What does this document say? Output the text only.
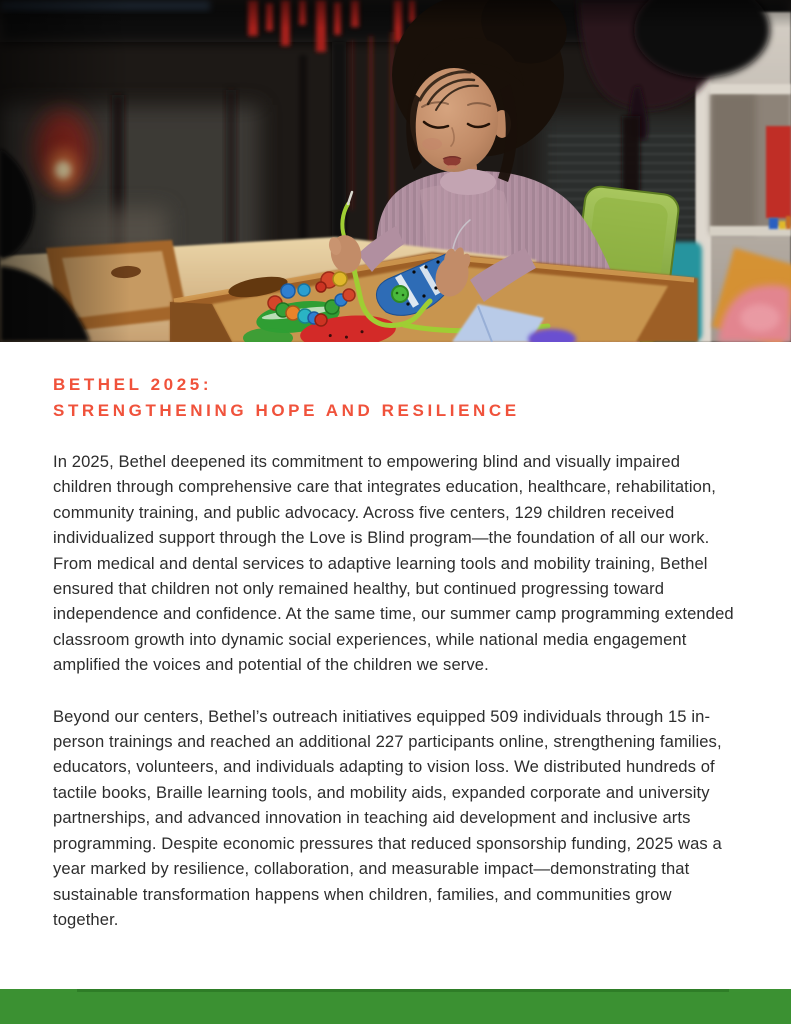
BETHEL 2025:
STRENGTHENING HOPE AND RESILIENCE

In 2025, Bethel deepened its commitment to empowering blind and visually impaired children through comprehensive care that integrates education, healthcare, rehabilitation, community training, and public advocacy. Across five centers, 129 children received individualized support through the Love is Blind program—the foundation of all our work. From medical and dental services to adaptive learning tools and mobility training, Bethel ensured that children not only remained healthy, but continued progressing toward independence and confidence. At the same time, our summer camp programming extended classroom growth into dynamic social experiences, while national media engagement amplified the voices and potential of the children we serve.

Beyond our centers, Bethel’s outreach initiatives equipped 509 individuals through 15 in-person trainings and reached an additional 227 participants online, strengthening families, educators, volunteers, and individuals adapting to vision loss. We distributed hundreds of tactile books, Braille learning tools, and mobility aids, expanded corporate and university partnerships, and advanced innovation in teaching aid development and inclusive arts programming. Despite economic pressures that reduced sponsorship funding, 2025 was a year marked by resilience, collaboration, and measurable impact—demonstrating that sustainable transformation happens when children, families, and communities grow together.
